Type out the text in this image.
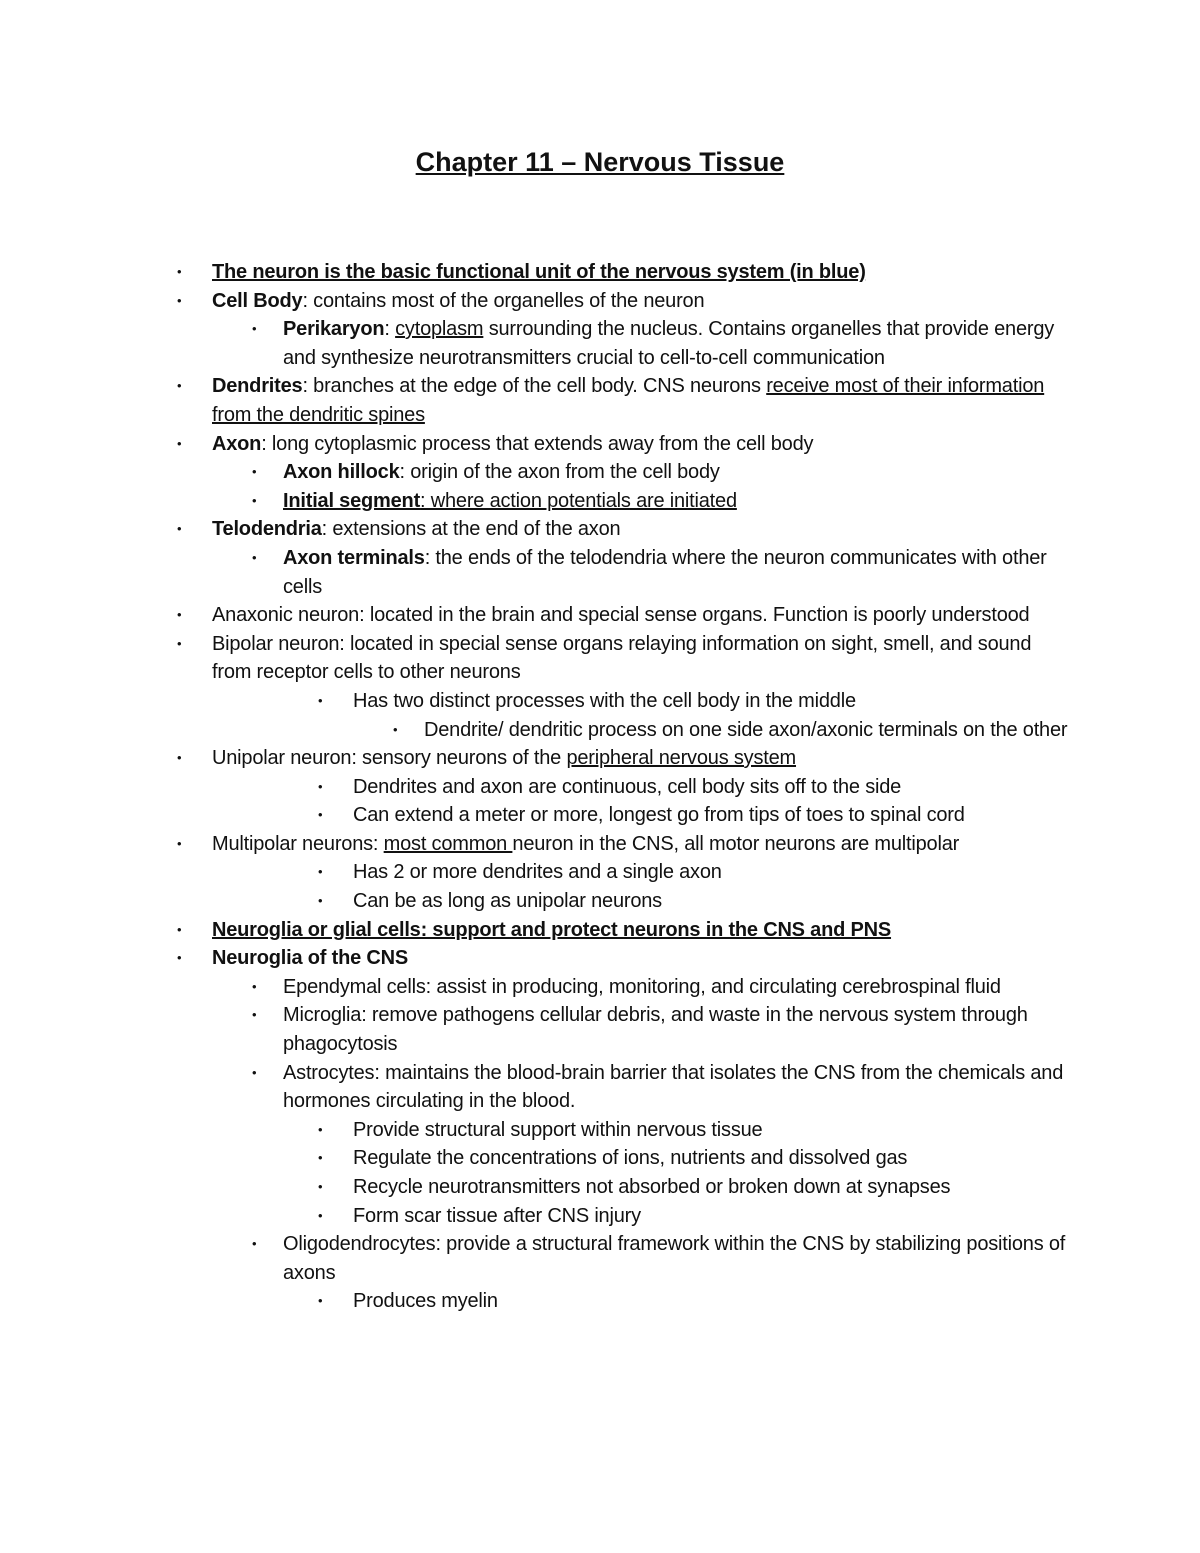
Chapter 11 – Nervous Tissue
• The neuron is the basic functional unit of the nervous system (in blue)
• Cell Body: contains most of the organelles of the neuron
• Perikaryon: cytoplasm surrounding the nucleus. Contains organelles that provide energy and synthesize neurotransmitters crucial to cell-to-cell communication
• Dendrites: branches at the edge of the cell body. CNS neurons receive most of their information from the dendritic spines
• Axon: long cytoplasmic process that extends away from the cell body
• Axon hillock: origin of the axon from the cell body
• Initial segment: where action potentials are initiated
• Telodendria: extensions at the end of the axon
• Axon terminals: the ends of the telodendria where the neuron communicates with other cells
• Anaxonic neuron: located in the brain and special sense organs. Function is poorly understood
• Bipolar neuron: located in special sense organs relaying information on sight, smell, and sound from receptor cells to other neurons
• Has two distinct processes with the cell body in the middle
• Dendrite/ dendritic process on one side axon/axonic terminals on the other
• Unipolar neuron: sensory neurons of the peripheral nervous system
• Dendrites and axon are continuous, cell body sits off to the side
• Can extend a meter or more, longest go from tips of toes to spinal cord
• Multipolar neurons: most common neuron in the CNS, all motor neurons are multipolar
• Has 2 or more dendrites and a single axon
• Can be as long as unipolar neurons
• Neuroglia or glial cells: support and protect neurons in the CNS and PNS
• Neuroglia of the CNS
• Ependymal cells: assist in producing, monitoring, and circulating cerebrospinal fluid
• Microglia: remove pathogens cellular debris, and waste in the nervous system through phagocytosis
• Astrocytes: maintains the blood-brain barrier that isolates the CNS from the chemicals and hormones circulating in the blood.
• Provide structural support within nervous tissue
• Regulate the concentrations of ions, nutrients and dissolved gas
• Recycle neurotransmitters not absorbed or broken down at synapses
• Form scar tissue after CNS injury
• Oligodendrocytes: provide a structural framework within the CNS by stabilizing positions of axons
• Produces myelin
